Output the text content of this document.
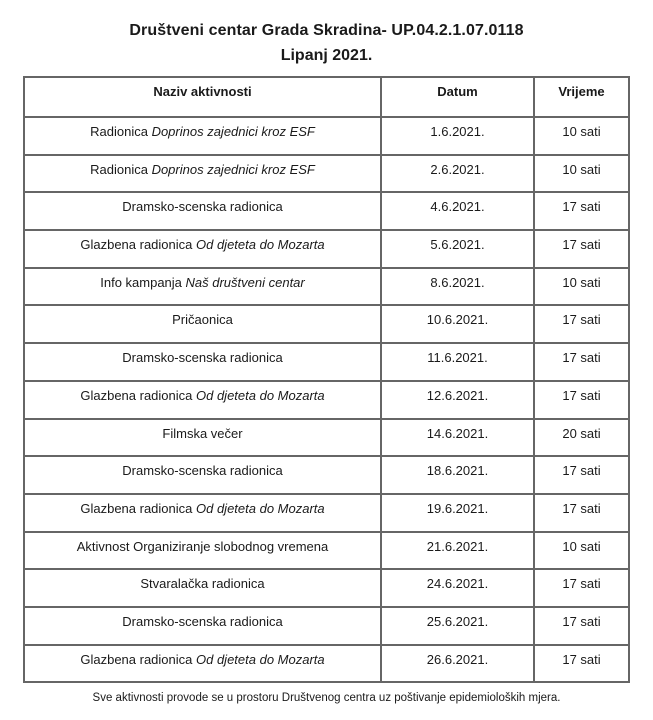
Društveni centar Grada Skradina- UP.04.2.1.07.0118
Lipanj 2021.
Naziv aktivnosti	Datum	Vrijeme
Radionica Doprinos zajednici kroz ESF	1.6.2021.	10 sati
Radionica Doprinos zajednici kroz ESF	2.6.2021.	10 sati
Dramsko-scenska radionica	4.6.2021.	17 sati
Glazbena radionica Od djeteta do Mozarta	5.6.2021.	17 sati
Info kampanja Naš društveni centar	8.6.2021.	10 sati
Pričaonica	10.6.2021.	17 sati
Dramsko-scenska radionica	11.6.2021.	17 sati
Glazbena radionica Od djeteta do Mozarta	12.6.2021.	17 sati
Filmska večer	14.6.2021.	20 sati
Dramsko-scenska radionica	18.6.2021.	17 sati
Glazbena radionica Od djeteta do Mozarta	19.6.2021.	17 sati
Aktivnost Organiziranje slobodnog vremena	21.6.2021.	10 sati
Stvaralačka radionica	24.6.2021.	17 sati
Dramsko-scenska radionica	25.6.2021.	17 sati
Glazbena radionica Od djeteta do Mozarta	26.6.2021.	17 sati
Sve aktivnosti provode se u prostoru Društvenog centra uz poštivanje epidemioloških mjera.
